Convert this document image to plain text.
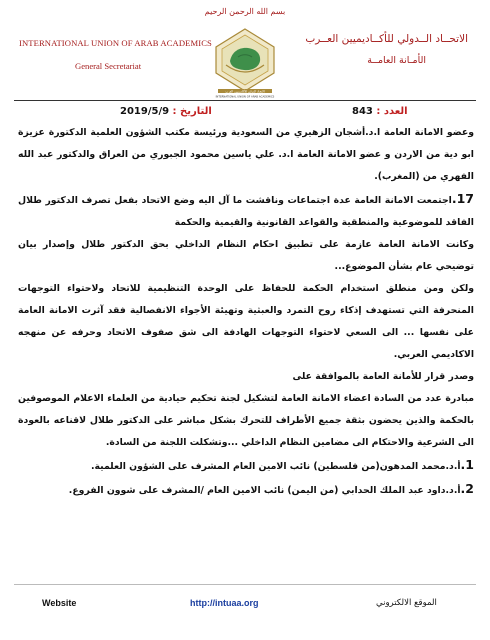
بسم الله الرحمن الرحيم
INTERNATIONAL UNION OF ARAB ACADEMICS
General Secretariat
الاتحــاد الــدولي للأكــاديميين العــرب
الأمـانة العامــة
INTERNATIONAL UNION OF ARAB ACADEMICS
الاتحاد الدولي للأكاديميين العرب
التاريخ : 2019/5/9	العدد : 843

وعضو الامانة العامة ا.د.أشجان الزهيري من السعودية ورئيسة مكتب الشؤون العلمية الدكتورة عزيزة ابو دية من الاردن و عضو الامانة العامة ا.د. علي ياسين محمود الجبوري من العراق والدكتور عبد الله الفهري من (المغرب).

17.اجتمعت الامانة العامة عدة اجتماعات وناقشت ما آل اليه وضع الاتحاد بفعل تصرف الدكتور طلال الفاقد للموضوعية والمنطقية والقواعد القانونية والقيمية والحكمة

وكانت الامانة العامة عازمة على تطبيق احكام النظام الداخلي بحق الدكتور طلال وإصدار بيان توضيحي عام بشأن الموضوع...

ولكن ومن منطلق استخدام الحكمة للحفاظ على الوحدة التنظيمية للاتحاد ولاحتواء التوجهات المنحرفة التي تستهدف إذكاء روح التمرد والعبثية وتهيئة الأجواء الانفصالية فقد آثرت الامانة العامة على نفسها ... الى السعي لاحتواء التوجهات الهادفة الى شق صفوف الاتحاد وحرفه عن منهجه الاكاديمي العربي.

وصدر قرار للأمانة العامة بالموافقة على

مبادرة عدد من السادة اعضاء الامانة العامة لتشكيل لجنة تحكيم حيادية من العلماء الاعلام الموصوفين بالحكمة والذين يحضون بثقة جميع الأطراف للتحرك بشكل مباشر على الدكتور طلال لاقناعه بالعودة الى الشرعية والاحتكام الى مضامين النظام الداخلي ...وتشكلت اللجنة من السادة.

1.أ.د.محمد المدهون(من فلسطين) نائب الامين العام المشرف على الشؤون العلمية.

2.أ.د.داود عبد الملك الحدابي (من اليمن) نائب الامين العام /المشرف على شوون الفروع.

Website	http://intuaa.org	الموقع الالكتروني
